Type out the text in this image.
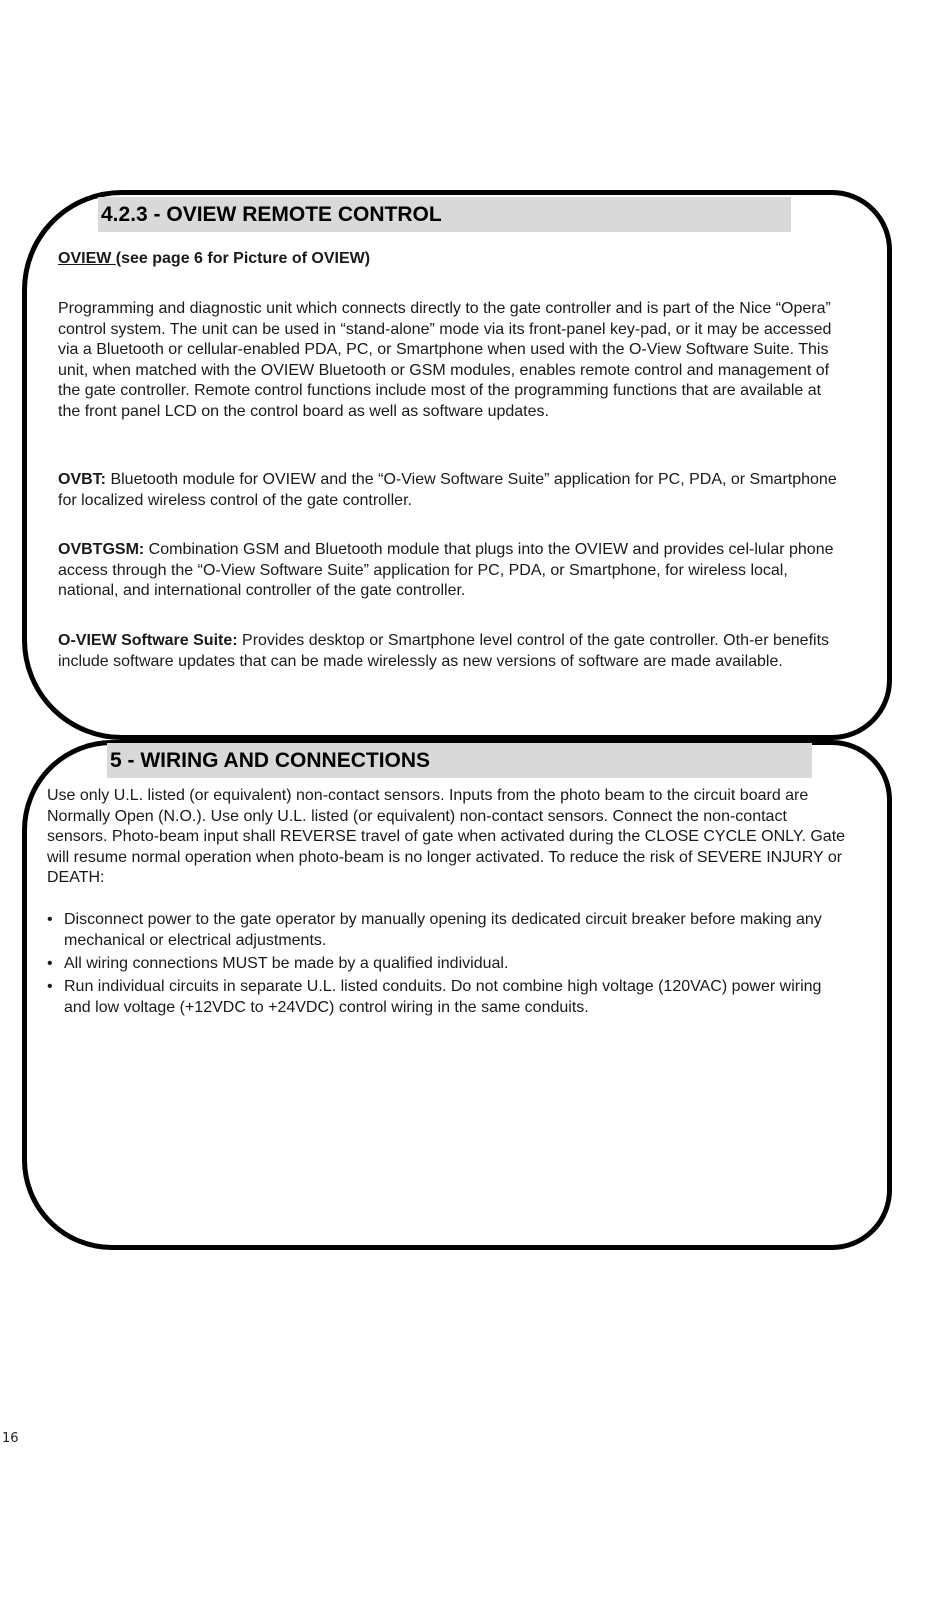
4.2.3 - OVIEW REMOTE CONTROL
OVIEW (see page 6 for Picture of OVIEW)

Programming and diagnostic unit which connects directly to the gate controller and is part of the Nice “Opera” control system. The unit can be used in “stand-alone” mode via its front-panel key-pad, or it may be accessed via a Bluetooth or cellular-enabled PDA, PC, or Smartphone when used with the O-View Software Suite. This unit, when matched with the OVIEW Bluetooth or GSM modules, enables remote control and management of the gate controller. Remote control functions include most of the programming functions that are available at the front panel LCD on the control board as well as software updates.

OVBT: Bluetooth module for OVIEW and the “O-View Software Suite” application for PC, PDA, or Smartphone for localized wireless control of the gate controller.

OVBTGSM: Combination GSM and Bluetooth module that plugs into the OVIEW and provides cel-lular phone access through the “O-View Software Suite” application for PC, PDA, or Smartphone, for wireless local, national, and international controller of the gate controller.

O-VIEW Software Suite: Provides desktop or Smartphone level control of the gate controller. Oth-er benefits include software updates that can be made wirelessly as new versions of software are made available.

5 - WIRING AND CONNECTIONS

Use only U.L. listed (or equivalent) non-contact sensors. Inputs from the photo beam to the circuit board are Normally Open (N.O.). Use only U.L. listed (or equivalent) non-contact sensors. Connect the non-contact sensors. Photo-beam input shall REVERSE travel of gate when activated during the CLOSE CYCLE ONLY. Gate will resume normal operation when photo-beam is no longer activated. To reduce the risk of SEVERE INJURY or DEATH:

• Disconnect power to the gate operator by manually opening its dedicated circuit breaker before making any mechanical or electrical adjustments.
• All wiring connections MUST be made by a qualified individual.
• Run individual circuits in separate U.L. listed conduits. Do not combine high voltage (120VAC) power wiring and low voltage (+12VDC to +24VDC) control wiring in the same conduits.
16
